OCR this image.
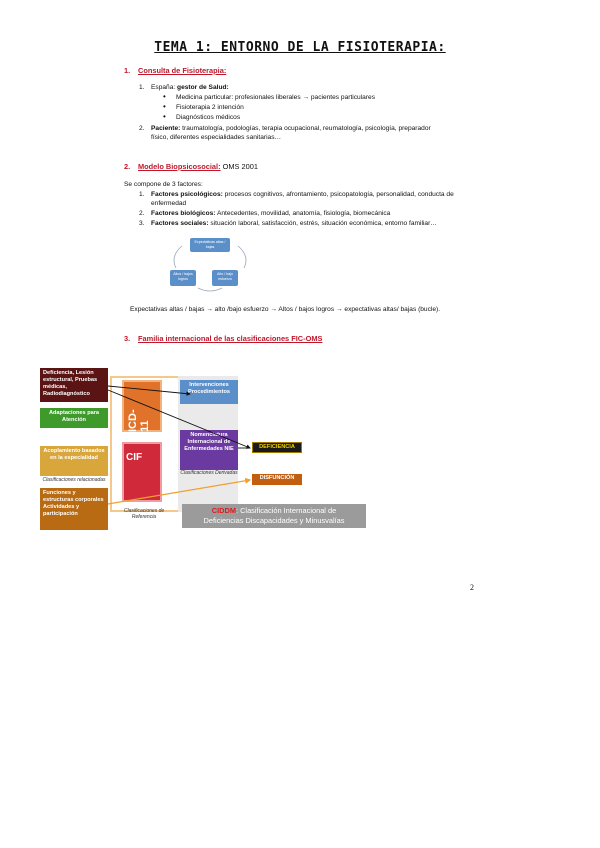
TEMA 1: ENTORNO DE LA FISIOTERAPIA:
1. Consulta de Fisioterapia:
1. España: gestor de Salud:
• Medicina particular: profesionales liberales → pacientes particulares
• Fisioterapia 2 intención
• Diagnósticos médicos
2. Paciente: traumatología, podologías, terapia ocupacional, reumatología, psicología, preparador
físico, diferentes especialidades sanitarias…
2. Modelo Biopsicosocial: OMS 2001
Se compone de 3 factores:
1. Factores psicológicos: procesos cognitivos, afrontamiento, psicopatología, personalidad, conducta de
enfermedad
2. Factores biológicos: Antecedentes, movilidad, anatomía, fisiología, biomecánica
3. Factores sociales: situación laboral, satisfacción, estrés, situación económica, entorno familiar…
Expectativas altas / bajas
Altos / bajos logros
Alto / bajo esfuerzo
Expectativas altas / bajas → alto /bajo esfuerzo → Altos / bajos logros → expectativas altas/ bajas (bucle).
3. Familia internacional de las clasificaciones FIC-OMS
Deficiencia, Lesión estructural, Pruebas médicas, Radiodiagnóstico
Adaptaciones para Atención
Acoplamiento basados en la especialidad
Clasificaciones relacionadas
Funciones y estructuras corporales Actividades y participación
ICD-11
CIF
Clasificaciones de Referencia
Intervenciones Procedimientos
Nomenclatura Internacional de Enfermedades NIE
Clasificaciones Derivadas
DEFICIENCIA
DISFUNCIÓN
CIDDM: Clasificación Internacional de
Deficiencias Discapacidades y Minusvalías
2
